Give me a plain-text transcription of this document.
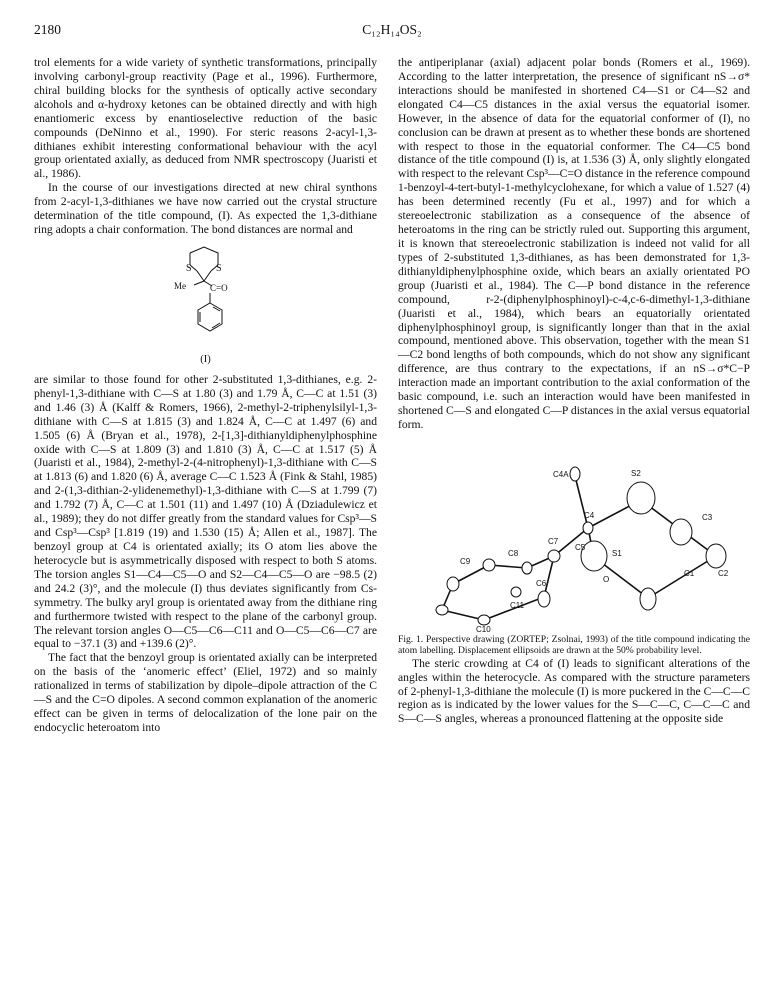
2180	C₁₂H₁₄OS₂

trol elements for a wide variety of synthetic transformations, principally involving carbonyl-group reactivity (Page et al., 1996). Furthermore, chiral building blocks for the synthesis of optically active secondary alcohols and α-hydroxy ketones can be obtained directly and with high enantiomeric excess by enantioselective reduction of the basic compounds (DeNinno et al., 1990). For steric reasons 2-acyl-1,3-dithianes exhibit interesting conformational behaviour with the acyl group orientated axially, as deduced from NMR spectroscopy (Juaristi et al., 1986).

In the course of our investigations directed at new chiral synthons from 2-acyl-1,3-dithianes we have now carried out the crystal structure determination of the title compound, (I). As expected the 1,3-dithiane ring adopts a chair conformation. The bond distances are normal and

S S
Me	C=O
(I)

are similar to those found for other 2-substituted 1,3-dithianes, e.g. 2-phenyl-1,3-dithiane with C—S at 1.80 (3) and 1.79 Å, C—C at 1.51 (3) and 1.46 (3) Å (Kalff & Romers, 1966), 2-methyl-2-triphenylsilyl-1,3-dithiane with C—S at 1.815 (3) and 1.824 Å, C—C at 1.497 (6) and 1.505 (6) Å (Bryan et al., 1978), 2-[1,3]-dithianyldiphenylphosphine oxide with C—S at 1.809 (3) and 1.810 (3) Å, C—C at 1.517 (5) Å (Juaristi et al., 1984), 2-methyl-2-(4-nitrophenyl)-1,3-dithiane with C—S at 1.813 (6) and 1.820 (6) Å, average C—C 1.523 Å (Fink & Stahl, 1985) and 2-(1,3-dithian-2-ylidenemethyl)-1,3-dithiane with C—S at 1.799 (7) and 1.792 (7) Å, C—C at 1.501 (11) and 1.497 (10) Å (Dziadulewicz et al., 1989); they do not differ greatly from the standard values for Csp³—S and Csp³—Csp³ [1.819 (19) and 1.530 (15) Å; Allen et al., 1987]. The benzoyl group at C4 is orientated axially; its O atom lies above the heterocycle but is asymmetrically disposed with respect to both S atoms. The torsion angles S1—C4—C5—O and S2—C4—C5—O are −98.5 (2) and 24.2 (3)°, and the molecule (I) thus deviates significantly from Cs-symmetry. The bulky aryl group is orientated away from the dithiane ring and furthermore twisted with respect to the plane of the carbonyl group. The relevant torsion angles O—C5—C6—C11 and O—C5—C6—C7 are equal to −37.1 (3) and +139.6 (2)°.

The fact that the benzoyl group is orientated axially can be interpreted on the basis of the ‘anomeric effect’ (Eliel, 1972) and so mainly rationalized in terms of stabilization by dipole–dipole attraction of the C—S and the C=O dipoles. A second common explanation of the anomeric effect can be given in terms of delocalization of the lone pair on the endocyclic heteroatom into

the antiperiplanar (axial) adjacent polar bonds (Romers et al., 1969). According to the latter interpretation, the presence of significant nS→σ* interactions should be manifested in shortened C4—S1 or C4—S2 and elongated C4—C5 distances in the axial versus the equatorial isomer. However, in the absence of data for the equatorial conformer of (I), no conclusion can be drawn at present as to whether these bonds are shortened with respect to those in the equatorial conformer. The C4—C5 bond distance of the title compound (I) is, at 1.536 (3) Å, only slightly elongated with respect to the relevant Csp³—C=O distance in the reference compound 1-benzoyl-4-tert-butyl-1-methylcyclohexane, for which a value of 1.527 (4) has been determined recently (Fu et al., 1997) and for which a stereoelectronic stabilization as a consequence of the absence of heteroatoms in the ring can be strictly ruled out. Supporting this argument, it is known that stereoelectronic stabilization is indeed not valid for all types of 2-substituted 1,3-dithianes, as has been demonstrated for 1,3-dithianyldiphenylphosphine oxide, which bears an axially orientated PO group (Juaristi et al., 1984). The C—P bond distance in the reference compound, r-2-(diphenylphosphinoyl)-c-4,c-6-dimethyl-1,3-dithiane (Juaristi et al., 1984), which bears an equatorially orientated diphenylphosphinoyl group, is significantly longer than that in the axial compound, mentioned above. This observation, together with the mean S1—C2 bond lengths of both compounds, which do not show any significant difference, are thus contrary to the expectations, if an nS→σ*C−P interaction made an important contribution to the axial conformation of the basic compound, i.e. such an interaction would have been manifested in shortened C—S and elongated C—P distances in the axial versus equatorial form.

C4A	S2
C4	C3
C8
C7
C5
S1
C9
C6
C1	C2
O
C11
C10

Fig. 1. Perspective drawing (ZORTEP; Zsolnai, 1993) of the title compound indicating the atom labelling. Displacement ellipsoids are drawn at the 50% probability level.

The steric crowding at C4 of (I) leads to significant alterations of the angles within the heterocycle. As compared with the structure parameters of 2-phenyl-1,3-dithiane the molecule (I) is more puckered in the C—C—C region as is indicated by the lower values for the S—C—C, C—C—C and S—C—S angles, whereas a pronounced flattening at the opposite side
